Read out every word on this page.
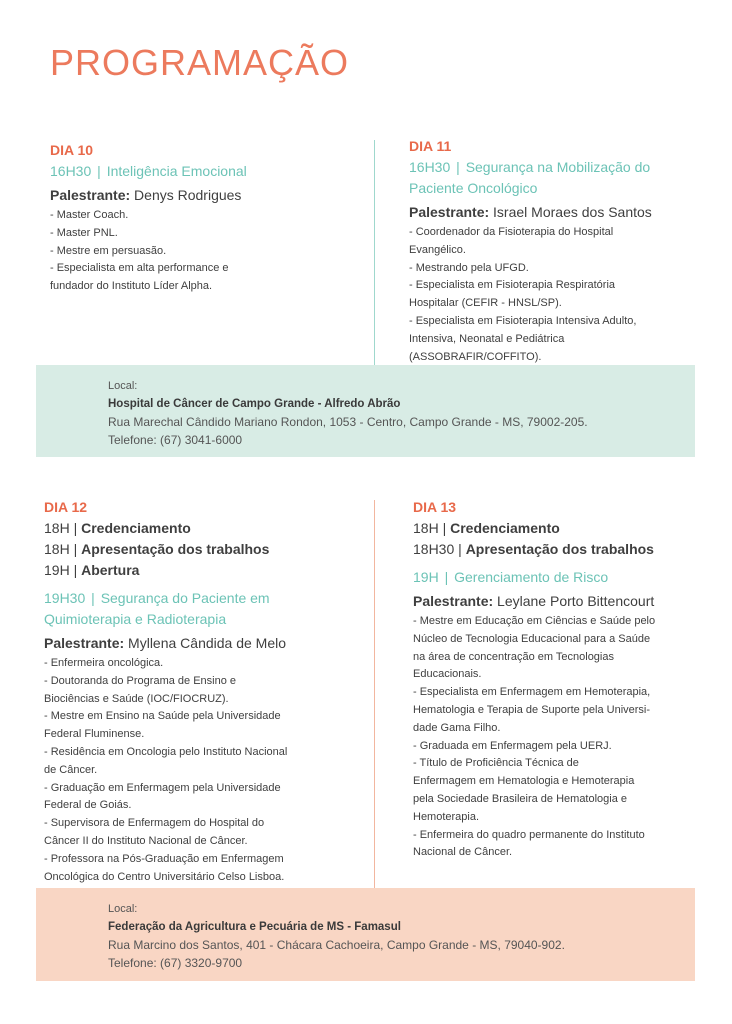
PROGRAMAÇÃO

DIA 10

16H30 | Inteligência Emocional

Palestrante: Denys Rodrigues

- Master Coach.
- Master PNL.
- Mestre em persuasão.
- Especialista em alta performance e
fundador do Instituto Líder Alpha.

DIA 11

16H30 | Segurança na Mobilização do

Paciente Oncológico

Palestrante: Israel Moraes dos Santos

- Coordenador da Fisioterapia do Hospital
Evangélico.
- Mestrando pela UFGD.
- Especialista em Fisioterapia Respiratória
Hospitalar (CEFIR - HNSL/SP).
- Especialista em Fisioterapia Intensiva Adulto,
Intensiva, Neonatal e Pediátrica
(ASSOBRAFIR/COFFITO).

Local:

Hospital de Câncer de Campo Grande - Alfredo Abrão

Rua Marechal Cândido Mariano Rondon, 1053 - Centro, Campo Grande - MS, 79002-205.

Telefone: (67) 3041-6000

DIA 12

18H | Credenciamento

18H | Apresentação dos trabalhos

19H | Abertura

19H30 | Segurança do Paciente em

Quimioterapia e Radioterapia

Palestrante: Myllena Cândida de Melo

- Enfermeira oncológica.
- Doutoranda do Programa de Ensino e
Biociências e Saúde (IOC/FIOCRUZ).
- Mestre em Ensino na Saúde pela Universidade
Federal Fluminense.
- Residência em Oncologia pelo Instituto Nacional
de Câncer.
- Graduação em Enfermagem pela Universidade
Federal de Goiás.
- Supervisora de Enfermagem do Hospital do
Câncer II do Instituto Nacional de Câncer.
- Professora na Pós-Graduação em Enfermagem
Oncológica do Centro Universitário Celso Lisboa.

DIA 13

18H | Credenciamento

18H30 | Apresentação dos trabalhos

19H | Gerenciamento de Risco

Palestrante: Leylane Porto Bittencourt

- Mestre em Educação em Ciências e Saúde pelo
Núcleo de Tecnologia Educacional para a Saúde
na área de concentração em Tecnologias
Educacionais.
- Especialista em Enfermagem em Hemoterapia,
Hematologia e Terapia de Suporte pela Universi-
dade Gama Filho.
- Graduada em Enfermagem pela UERJ.
- Título de Proficiência Técnica de
Enfermagem em Hematologia e Hemoterapia
pela Sociedade Brasileira de Hematologia e
Hemoterapia.
- Enfermeira do quadro permanente do Instituto
Nacional de Câncer.

Local:

Federação da Agricultura e Pecuária de MS - Famasul

Rua Marcino dos Santos, 401 - Chácara Cachoeira, Campo Grande - MS, 79040-902.

Telefone: (67) 3320-9700
